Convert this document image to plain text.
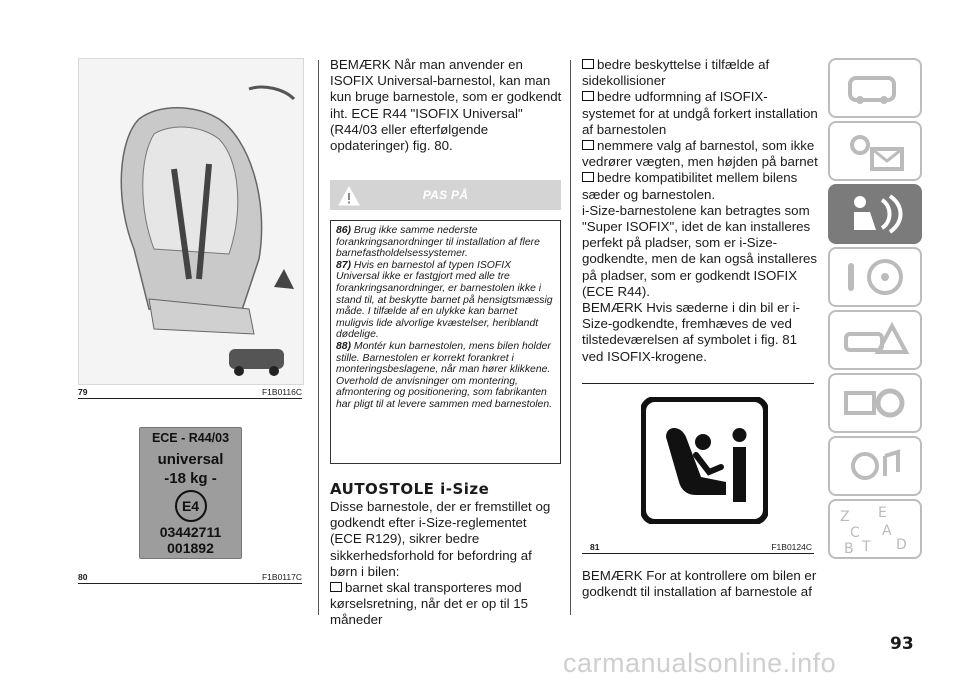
79	F1B0116C
ECE - R44/03
universal
-18 kg -
E4
03442711
001892
80	F1B0117C

BEMÆRK Når man anvender en ISOFIX Universal-barnestol, kan man kun bruge barnestole, som er godkendt iht. ECE R44 "ISOFIX Universal" (R44/03 eller efterfølgende opdateringer) fig. 80.

PAS PÅ
86) Brug ikke samme nederste forankringsanordninger til installation af flere barnefastholdelsessystemer.
87) Hvis en barnestol af typen ISOFIX Universal ikke er fastgjort med alle tre forankringsanordninger, er barnestolen ikke i stand til, at beskytte barnet på hensigtsmæssig måde. I tilfælde af en ulykke kan barnet muligvis lide alvorlige kvæstelser, heriblandt dødelige.
88) Montér kun barnestolen, mens bilen holder stille. Barnestolen er korrekt forankret i monteringsbeslagene, når man hører klikkene. Overhold de anvisninger om montering, afmontering og positionering, som fabrikanten har pligt til at levere sammen med barnestolen.
AUTOSTOLE i-Size

Disse barnestole, der er fremstillet og godkendt efter i-Size-reglementet (ECE R129), sikrer bedre sikkerhedsforhold for befordring af børn i bilen:

barnet skal transporteres mod kørselsretning, når det er op til 15 måneder

bedre beskyttelse i tilfælde af sidekollisioner

bedre udformning af ISOFIX-systemet for at undgå forkert installation af barnestolen

nemmere valg af barnestol, som ikke vedrører vægten, men højden på barnet

bedre kompatibilitet mellem bilens sæder og barnestolen.

i-Size-barnestolene kan betragtes som "Super ISOFIX", idet de kan installeres perfekt på pladser, som er i-Size-godkendte, men de kan også installeres på pladser, som er godkendt ISOFIX (ECE R44).

BEMÆRK Hvis sæderne i din bil er i-Size-godkendte, fremhæves de ved tilstedeværelsen af symbolet i fig. 81 ved ISOFIX-krogene.

81	F1B0124C

BEMÆRK For at kontrollere om bilen er godkendt til installation af barnestole af

Z E
C A
B T D
93
carmanualsonline.info
